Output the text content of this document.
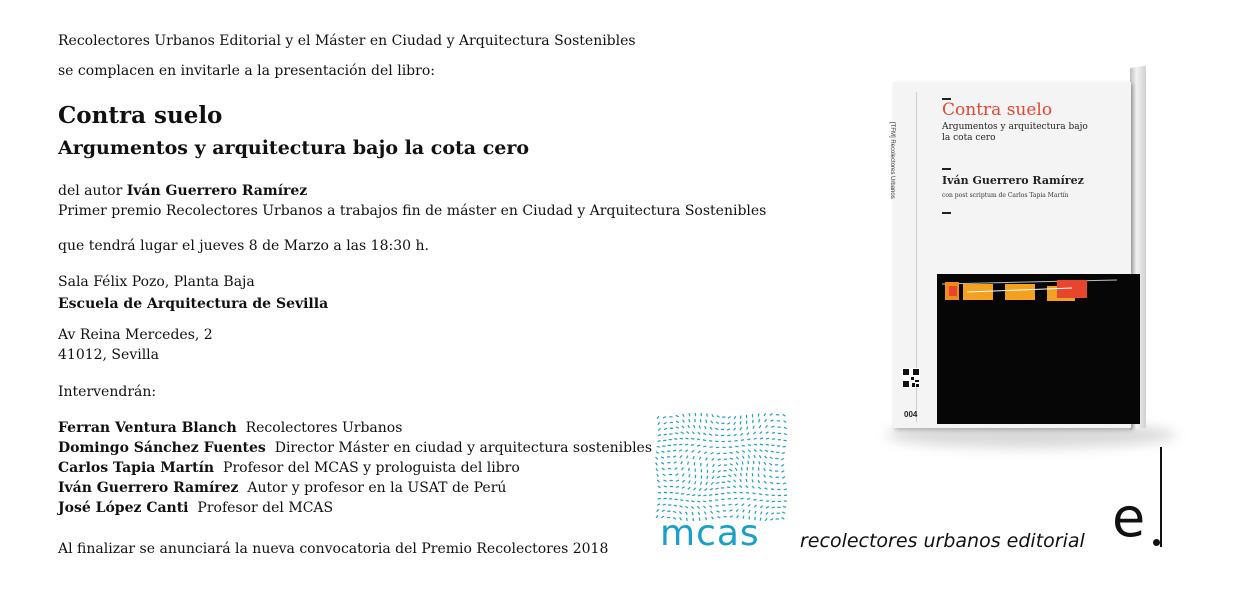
Recolectores Urbanos Editorial y el Máster en Ciudad y Arquitectura Sostenibles
se complacen en invitarle a la presentación del libro:
Contra suelo
Argumentos y arquitectura bajo la cota cero
del autor Iván Guerrero Ramírez
Primer premio Recolectores Urbanos a trabajos fin de máster en Ciudad y Arquitectura Sostenibles
que tendrá lugar el jueves 8 de Marzo a las 18:30 h.
Sala Félix Pozo, Planta Baja
Escuela de Arquitectura de Sevilla
Av Reina Mercedes, 2
41012, Sevilla
Intervendrán:
Ferran Ventura Blanch Recolectores Urbanos
Domingo Sánchez Fuentes Director Máster en ciudad y arquitectura sostenibles
Carlos Tapia Martín Profesor del MCAS y prologuista del libro
Iván Guerrero Ramírez Autor y profesor en la USAT de Perú
José López Canti Profesor del MCAS
Al finalizar se anunciará la nueva convocatoria del Premio Recolectores 2018
[TFM] Recolectores Urbanos
Contra suelo
Argumentos y arquitectura bajo la cota cero
Iván Guerrero Ramírez
con post scriptum de Carlos Tapia Martín
004
mcas recolectores urbanos editorial e
